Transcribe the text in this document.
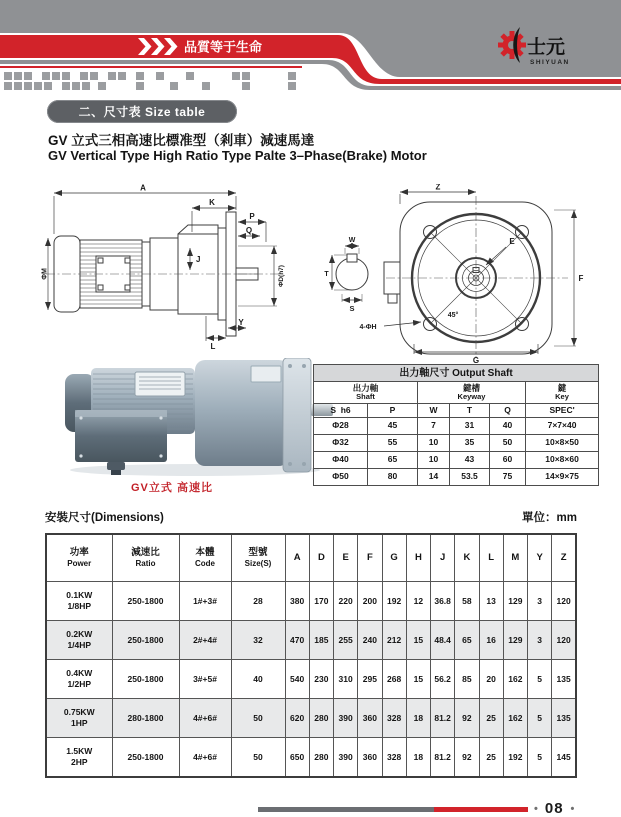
品質等于生命	士元
SHIYUAN
二、尺寸表 Size table
GV 立式三相高速比標准型（剎車）減速馬達
GV Vertical Type High Ratio Type Palte 3–Phase(Brake) Motor
A
K
P
Q
ΦD(h7)
J
ΦM
L
Y
Z
F
G
E
45°
4-ΦH
W
T
S
GV立式 高速比
出力軸尺寸 Output Shaft					

出力軸
Shaft

鍵槽
Keyway

鍵
Key

S  h6	P	W	T	Q	SPEC'
Φ28	45	7	31	40	7×7×40
Φ32	55	10	35	50	10×8×50
Φ40	65	10	43	60	10×8×60
Φ50	80	14	53.5	75	14×9×75
安裝尺寸(Dimensions)	單位：mm
功率
Power

減速比
Ratio

本體
Code

型號
Size(S)
	A	D	E	F	G	H	J	K	L	M	Y	Z

0.1KW
1/8HP	250-1800	1#+3#	28	380	170	220	200	192	12	36.8	58	13	129	3	120

0.2KW
1/4HP	250-1800	2#+4#	32	470	185	255	240	212	15	48.4	65	16	129	3	120

0.4KW
1/2HP	250-1800	3#+5#	40	540	230	310	295	268	15	56.2	85	20	162	5	135

0.75KW
1HP	280-1800	4#+6#	50	620	280	390	360	328	18	81.2	92	25	162	5	135

1.5KW
2HP	250-1800	4#+6#	50	650	280	390	360	328	18	81.2	92	25	192	5	145
• 08 •
